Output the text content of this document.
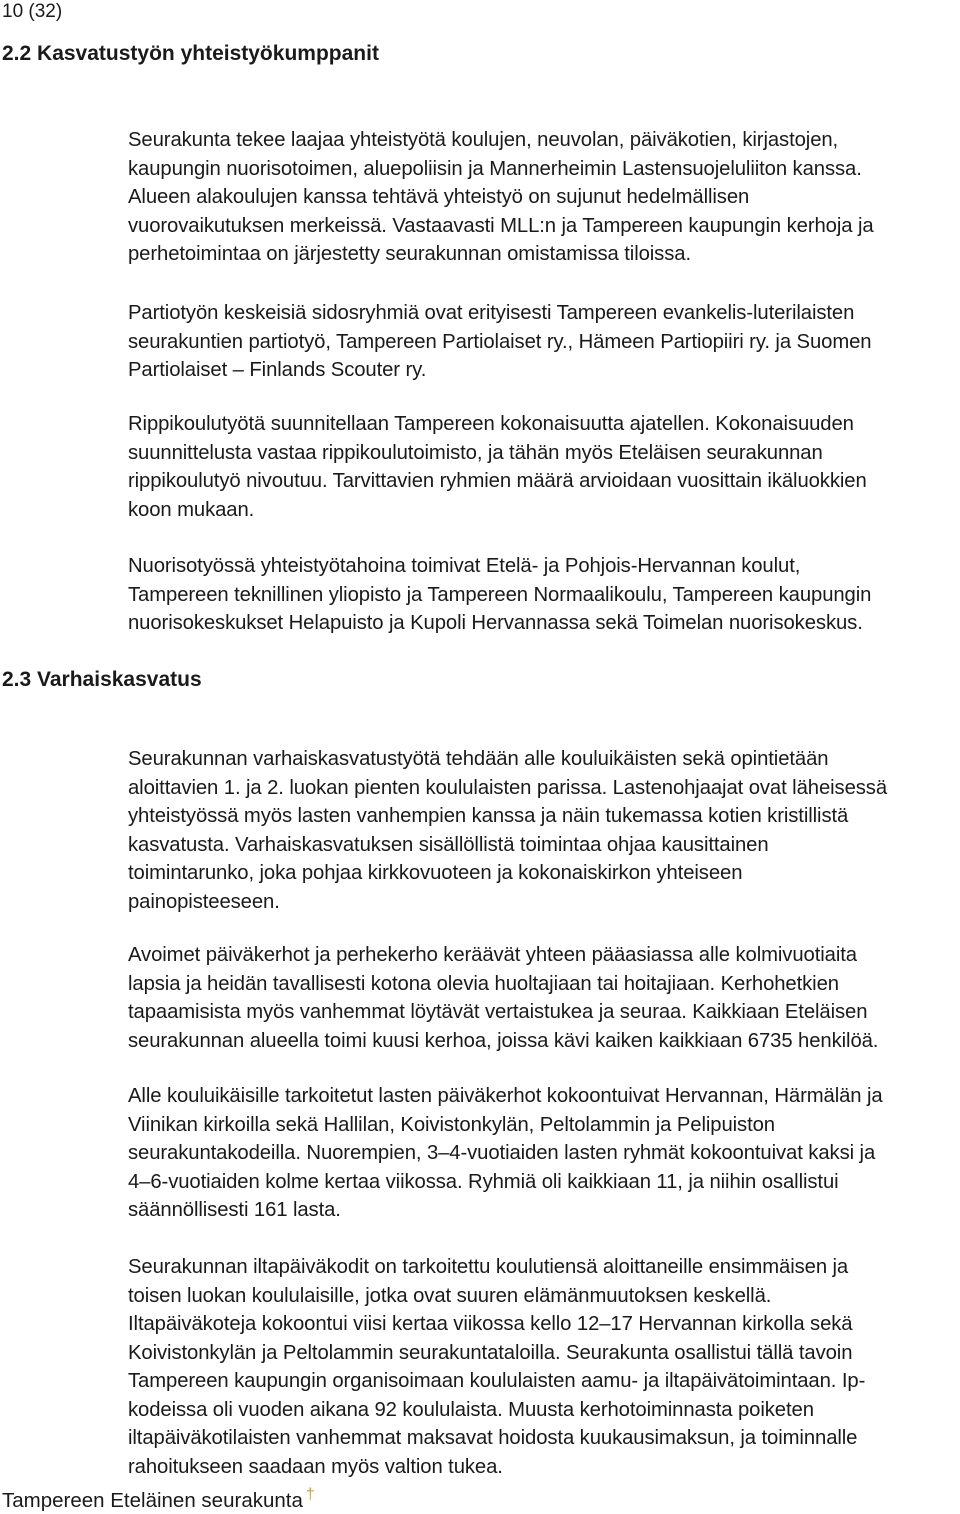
10 (32)
2.2 Kasvatustyön yhteistyökumppanit
Seurakunta tekee laajaa yhteistyötä koulujen, neuvolan, päiväkotien, kirjastojen,
kaupungin nuorisotoimen, aluepoliisin ja Mannerheimin Lastensuojeluliiton kanssa.
Alueen alakoulujen kanssa tehtävä yhteistyö on sujunut hedelmällisen
vuorovaikutuksen merkeissä. Vastaavasti MLL:n ja Tampereen kaupungin kerhoja ja
perhetoimintaa on järjestetty seurakunnan omistamissa tiloissa.
Partiotyön keskeisiä sidosryhmiä ovat erityisesti Tampereen evankelis-luterilaisten
seurakuntien partiotyö, Tampereen Partiolaiset ry., Hämeen Partiopiiri ry. ja Suomen
Partiolaiset – Finlands Scouter ry.
Rippikoulutyötä suunnitellaan Tampereen kokonaisuutta ajatellen. Kokonaisuuden
suunnittelusta vastaa rippikoulutoimisto, ja tähän myös Eteläisen seurakunnan
rippikoulutyö nivoutuu. Tarvittavien ryhmien määrä arvioidaan vuosittain ikäluokkien
koon mukaan.
Nuorisotyössä yhteistyötahoina toimivat Etelä- ja Pohjois-Hervannan koulut,
Tampereen teknillinen yliopisto ja Tampereen Normaalikoulu, Tampereen kaupungin
nuorisokeskukset Helapuisto ja Kupoli Hervannassa sekä Toimelan nuorisokeskus.
2.3 Varhaiskasvatus
Seurakunnan varhaiskasvatustyötä tehdään alle kouluikäisten sekä opintietään
aloittavien 1. ja 2. luokan pienten koululaisten parissa. Lastenohjaajat ovat läheisessä
yhteistyössä myös lasten vanhempien kanssa ja näin tukemassa kotien kristillistä
kasvatusta. Varhaiskasvatuksen sisällöllistä toimintaa ohjaa kausittainen
toimintarunko, joka pohjaa kirkkovuoteen ja kokonaiskirkon yhteiseen
painopisteeseen.
Avoimet päiväkerhot ja perhekerho keräävät yhteen pääasiassa alle kolmivuotiaita
lapsia ja heidän tavallisesti kotona olevia huoltajiaan tai hoitajiaan. Kerhohetkien
tapaamisista myös vanhemmat löytävät vertaistukea ja seuraa. Kaikkiaan Eteläisen
seurakunnan alueella toimi kuusi kerhoa, joissa kävi kaiken kaikkiaan 6735 henkilöä.
Alle kouluikäisille tarkoitetut lasten päiväkerhot kokoontuivat Hervannan, Härmälän ja
Viinikan kirkoilla sekä Hallilan, Koivistonkylän, Peltolammin ja Pelipuiston
seurakuntakodeilla. Nuorempien, 3–4-vuotiaiden lasten ryhmät kokoontuivat kaksi ja
4–6-vuotiaiden kolme kertaa viikossa. Ryhmiä oli kaikkiaan 11, ja niihin osallistui
säännöllisesti 161 lasta.
Seurakunnan iltapäiväkodit on tarkoitettu koulutiensä aloittaneille ensimmäisen ja
toisen luokan koululaisille, jotka ovat suuren elämänmuutoksen keskellä.
Iltapäiväkoteja kokoontui viisi kertaa viikossa kello 12–17 Hervannan kirkolla sekä
Koivistonkylän ja Peltolammin seurakuntataloilla. Seurakunta osallistui tällä tavoin
Tampereen kaupungin organisoimaan koululaisten aamu- ja iltapäivätoimintaan. Ip-
kodeissa oli vuoden aikana 92 koululaista. Muusta kerhotoiminnasta poiketen
iltapäiväkotilaisten vanhemmat maksavat hoidosta kuukausimaksun, ja toiminnalle
rahoitukseen saadaan myös valtion tukea.
Tampereen Eteläinen seurakunta †
